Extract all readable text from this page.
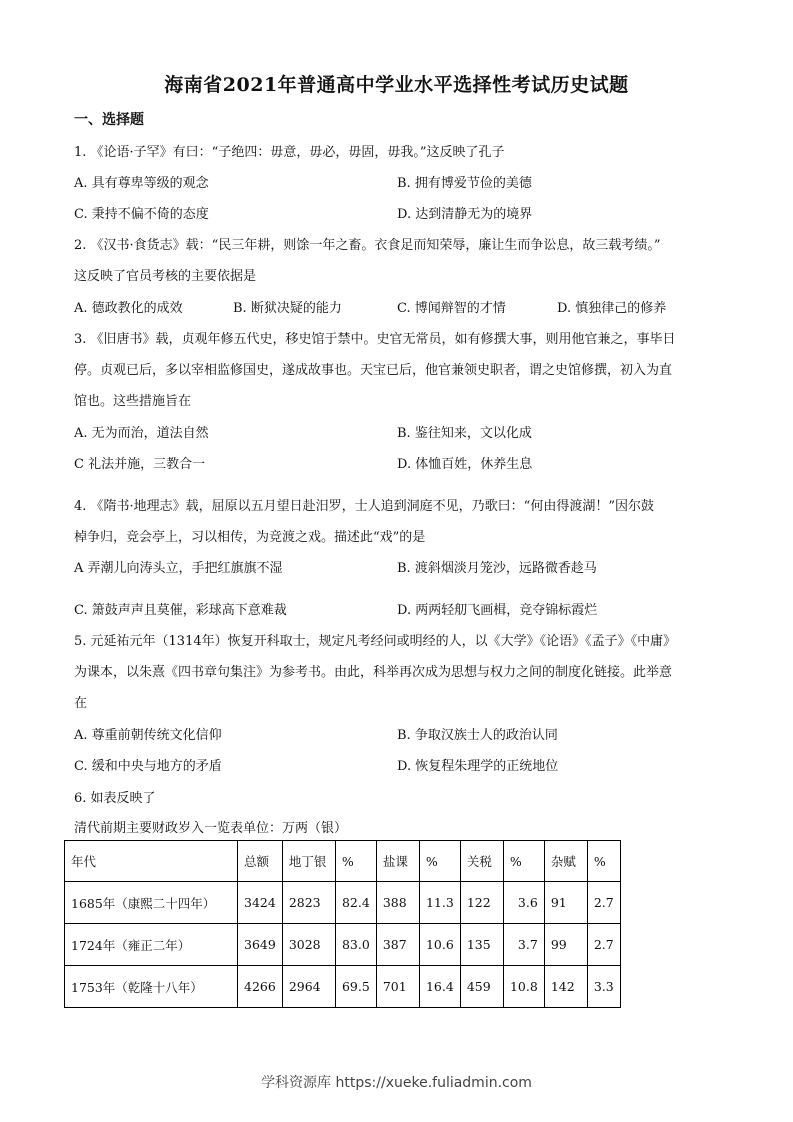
海南省2021年普通高中学业水平选择性考试历史试题
一、选择题
1. 《论语·子罕》有曰：“子绝四：毋意，毋必，毋固，毋我。”这反映了孔子
A. 具有尊卑等级的观念	B. 拥有博爱节俭的美德
C. 秉持不偏不倚的态度	D. 达到清静无为的境界
2. 《汉书·食货志》载：“民三年耕，则馀一年之畜。衣食足而知荣辱，廉让生而争讼息，故三载考绩。”
这反映了官员考核的主要依据是
A. 德政教化的成效	B. 断狱决疑的能力	C. 博闻辩智的才情	D. 慎独律己的修养
3. 《旧唐书》载，贞观年修五代史，移史馆于禁中。史官无常员，如有修撰大事，则用他官兼之，事毕日
停。贞观已后，多以宰相监修国史，遂成故事也。天宝已后，他官兼领史职者，谓之史馆修撰，初入为直
馆也。这些措施旨在
A. 无为而治，道法自然	B. 鉴往知来，文以化成
C 礼法并施，三教合一	D. 体恤百姓，休养生息
4. 《隋书·地理志》载，屈原以五月望日赴汨罗，士人追到洞庭不见，乃歌曰：“何由得渡湖！”因尔鼓
棹争归，竞会亭上，习以相传，为竞渡之戏。描述此“戏”的是
A 弄潮儿向涛头立，手把红旗旗不湿	B. 渡斜烟淡月笼沙，远路微香趁马
C. 箫鼓声声且莫催，彩球高下意难裁	D. 两两轻舠飞画楫，竞夺锦标霞烂
5. 元延祐元年（1314年）恢复开科取士，规定凡考经问或明经的人，以《大学》《论语》《孟子》《中庸》
为课本，以朱熹《四书章句集注》为参考书。由此，科举再次成为思想与权力之间的制度化链接。此举意
在
A. 尊重前朝传统文化信仰	B. 争取汉族士人的政治认同
C. 缓和中央与地方的矛盾	D. 恢复程朱理学的正统地位
6. 如表反映了
清代前期主要财政岁入一览表单位：万两（银）
年代	总额	地丁银	%	盐课	%	关税	%	杂赋	%
1685年（康熙二十四年）	3424	2823	82.4	388	11.3	122	3.6	91	2.7
1724年（雍正二年）	3649	3028	83.0	387	10.6	135	3.7	99	2.7
1753年（乾隆十八年）	4266	2964	69.5	701	16.4	459	10.8	142	3.3
学科资源库 https://xueke.fuliadmin.com
